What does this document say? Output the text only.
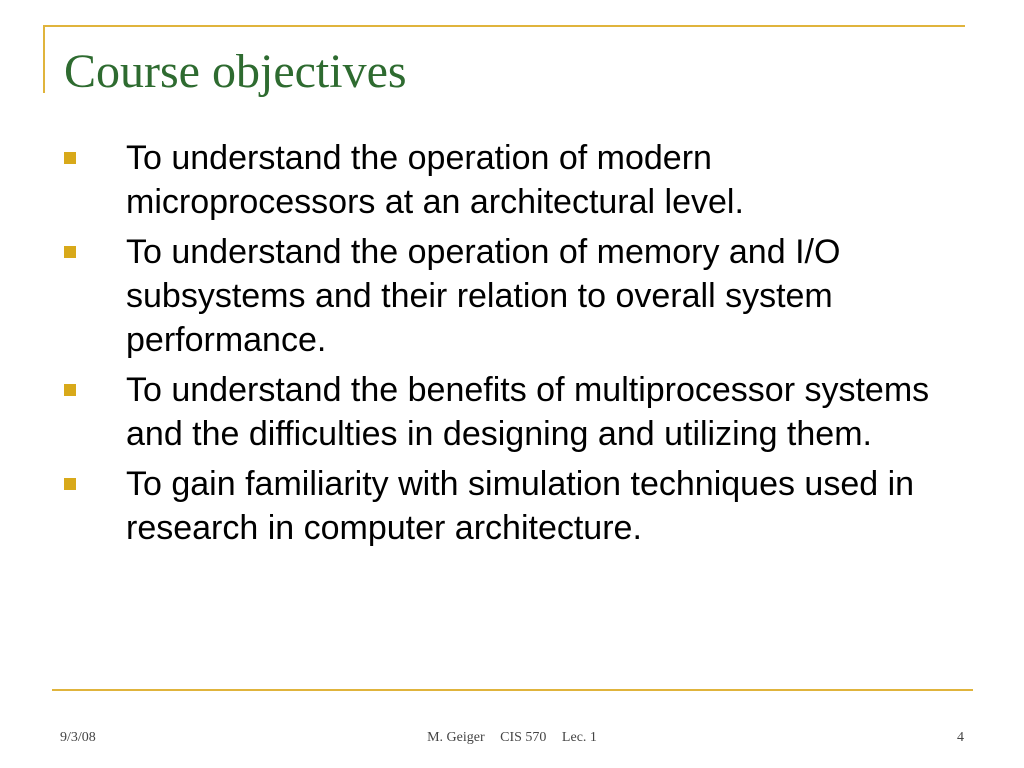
Course objectives
To understand the operation of modern microprocessors at an architectural level.
To understand the operation of memory and I/O subsystems and their relation to overall system performance.
To understand the benefits of multiprocessor systems and the difficulties in designing and utilizing them.
To gain familiarity with simulation techniques used in research in computer architecture.
9/3/08	M. Geiger CIS 570 Lec. 1	4
